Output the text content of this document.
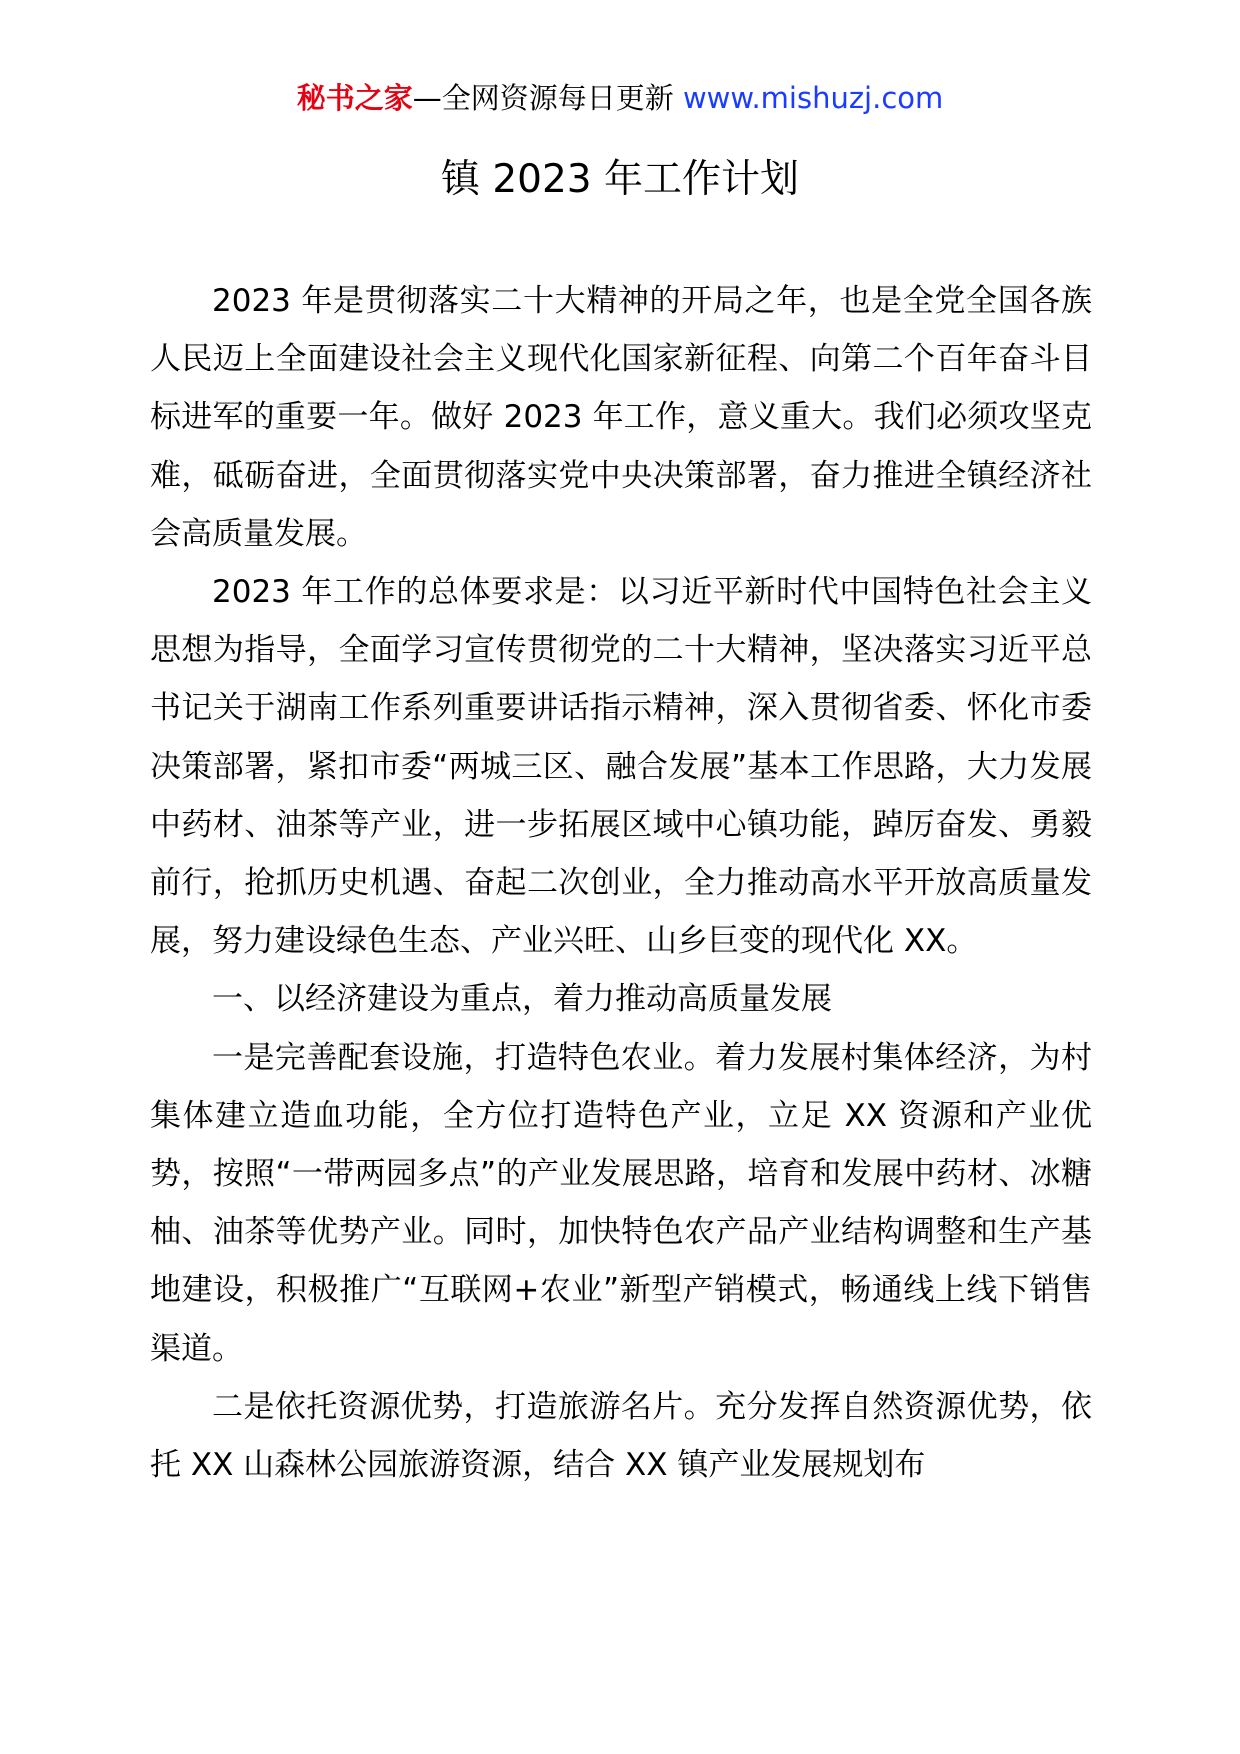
秘书之家—全网资源每日更新 www.mishuzj.com
镇 2023 年工作计划

2023 年是贯彻落实二十大精神的开局之年，也是全党全国各族人民迈上全面建设社会主义现代化国家新征程、向第二个百年奋斗目标进军的重要一年。做好 2023 年工作，意义重大。我们必须攻坚克难，砥砺奋进，全面贯彻落实党中央决策部署，奋力推进全镇经济社会高质量发展。

2023 年工作的总体要求是：以习近平新时代中国特色社会主义思想为指导，全面学习宣传贯彻党的二十大精神，坚决落实习近平总书记关于湖南工作系列重要讲话指示精神，深入贯彻省委、怀化市委决策部署，紧扣市委“两城三区、融合发展”基本工作思路，大力发展中药材、油茶等产业，进一步拓展区域中心镇功能，踔厉奋发、勇毅前行，抢抓历史机遇、奋起二次创业，全力推动高水平开放高质量发展，努力建设绿色生态、产业兴旺、山乡巨变的现代化 XX。

一、以经济建设为重点，着力推动高质量发展

一是完善配套设施，打造特色农业。着力发展村集体经济，为村集体建立造血功能，全方位打造特色产业，立足 XX 资源和产业优势，按照“一带两园多点”的产业发展思路，培育和发展中药材、冰糖柚、油茶等优势产业。同时，加快特色农产品产业结构调整和生产基地建设，积极推广“互联网+农业”新型产销模式，畅通线上线下销售渠道。

二是依托资源优势，打造旅游名片。充分发挥自然资源优势，依托 XX 山森林公园旅游资源，结合 XX 镇产业发展规划布
